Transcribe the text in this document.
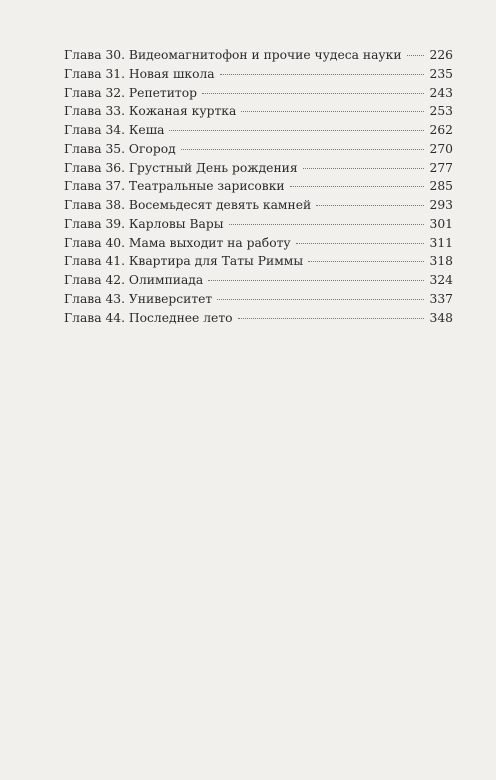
Глава 30. Видеомагнитофон и прочие чудеса науки 226
Глава 31. Новая школа	235
Глава 32. Репетитор	243
Глава 33. Кожаная куртка	253
Глава 34. Кеша	262
Глава 35. Огород	270
Глава 36. Грустный День рождения	277
Глава 37. Театральные зарисовки	285
Глава 38. Восемьдесят девять камней	293
Глава 39. Карловы Вары	301
Глава 40. Мама выходит на работу	311
Глава 41. Квартира для Таты Риммы	318
Глава 42. Олимпиада	324
Глава 43. Университет	337
Глава 44. Последнее лето	348
